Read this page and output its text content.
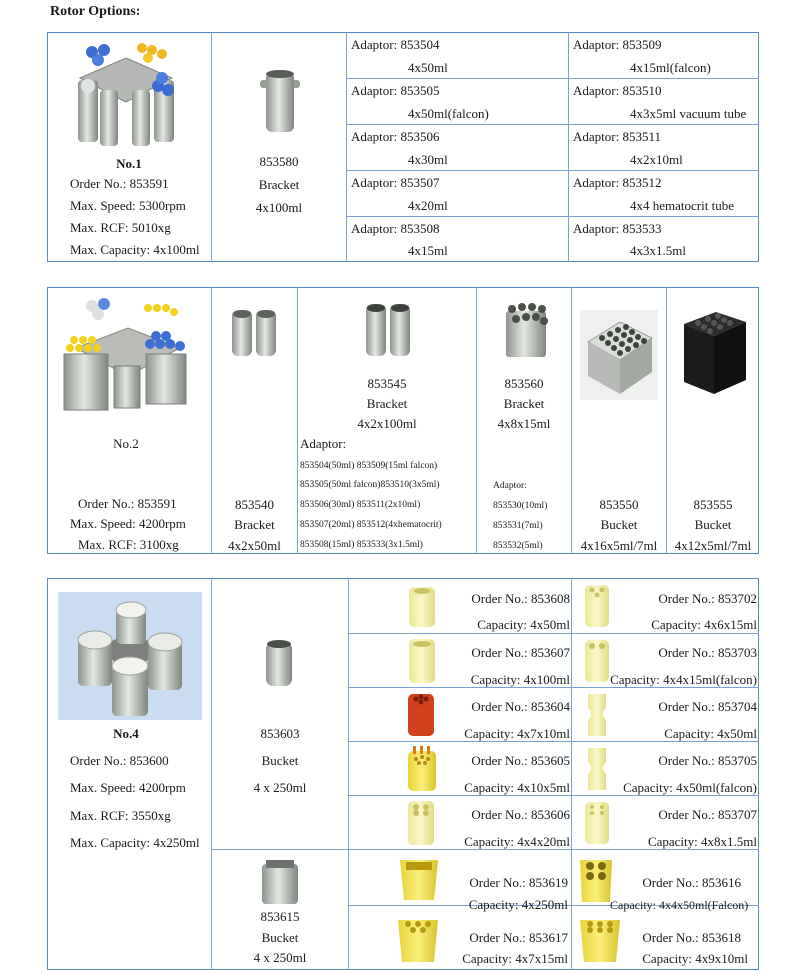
Rotor Options:
No.1
Order No.: 853591
Max. Speed: 5300rpm
Max. RCF: 5010xg
Max. Capacity: 4x100ml
853580
Bracket
4x100ml
Adaptor: 853504
4x50ml
Adaptor: 853509
4x15ml(falcon)
Adaptor: 853505
4x50ml(falcon)
Adaptor: 853510
4x3x5ml vacuum tube
Adaptor: 853506
4x30ml
Adaptor: 853511
4x2x10ml
Adaptor: 853507
4x20ml
Adaptor: 853512
4x4 hematocrit tube
Adaptor: 853508
4x15ml
Adaptor: 853533
4x3x1.5ml
No.2
Order No.: 853591
Max. Speed: 4200rpm
Max. RCF: 3100xg
853540
Bracket
4x2x50ml
853545
Bracket
4x2x100ml
Adaptor:
853504(50ml) 853509(15ml falcon)
853505(50ml falcon)853510(3x5ml)
853506(30ml) 853511(2x10ml)
853507(20ml) 853512(4xhematocrit)
853508(15ml) 853533(3x1.5ml)
853560
Bracket
4x8x15ml
Adaptor:
853530(10ml)
853531(7ml)
853532(5ml)
853550
Bucket
4x16x5ml/7ml
853555
Bucket
4x12x5ml/7ml
No.4
Order No.: 853600
Max. Speed: 4200rpm
Max. RCF: 3550xg
Max. Capacity: 4x250ml
853603
Bucket
4 x 250ml
Order No.: 853608
Capacity: 4x50ml
Order No.: 853607
Capacity: 4x100ml
Order No.: 853604
Capacity: 4x7x10ml
Order No.: 853605
Capacity: 4x10x5ml
Order No.: 853606
Capacity: 4x4x20ml
Order No.: 853702
Capacity: 4x6x15ml
Order No.: 853703
Capacity: 4x4x15ml(falcon)
Order No.: 853704
Capacity: 4x50ml
Order No.: 853705
Capacity: 4x50ml(falcon)
Order No.: 853707
Capacity: 4x8x1.5ml
853615
Bucket
4 x 250ml
Order No.: 853619
Capacity: 4x250ml
Order No.: 853617
Capacity: 4x7x15ml
Order No.: 853616
Capacity: 4x4x50ml(Falcon)
Order No.: 853618
Capacity: 4x9x10ml
